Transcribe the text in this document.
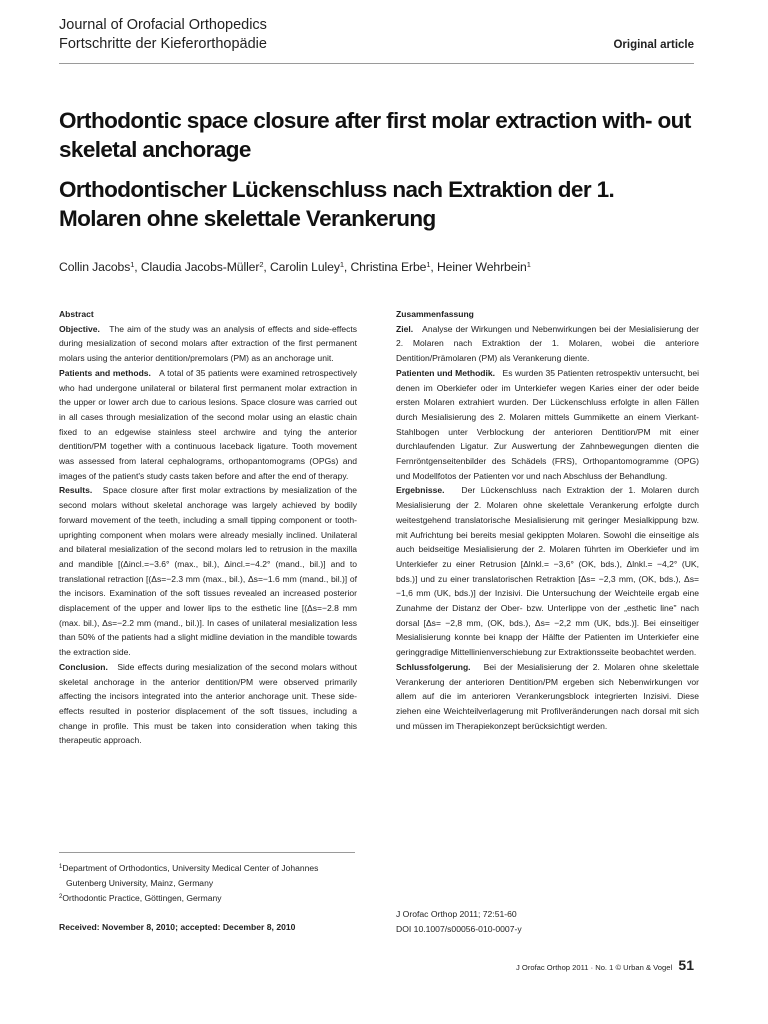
Journal of Orofacial Orthopedics
Fortschritte der Kieferorthopädie	Original article
Orthodontic space closure after first molar extraction with- out skeletal anchorage
Orthodontischer Lückenschluss nach Extraktion der 1. Molaren ohne skelettale Verankerung
Collin Jacobs$^1$, Claudia Jacobs-Müller$^2$, Carolin Luley$^1$, Christina Erbe$^1$, Heiner Wehrbein$^1$

Abstract

Objective. The aim of the study was an analysis of effects and side-effects during mesialization of second molars after extraction of the first permanent molars using the anterior dentition/premolars (PM) as an anchorage unit.

Patients and methods. A total of 35 patients were examined retrospectively who had undergone unilateral or bilateral first permanent molar extraction in the upper or lower arch due to carious lesions. Space closure was carried out in all cases through mesialization of the second molar using an elastic chain fixed to an edgewise stainless steel archwire and tying the anterior dentition/PM together with a continuous laceback ligature. Tooth movement was assessed from lateral cephalograms, orthopantomograms (OPGs) and images of the patient's study casts taken before and after the end of therapy.

Results. Space closure after first molar extractions by mesialization of the second molars without skeletal anchorage was largely achieved by bodily forward movement of the teeth, including a small tipping component or tooth-uprighting component when molars were already mesially inclined. Unilateral and bilateral mesialization of the second molars led to retrusion in the maxilla and mandible [(Δincl.=−3.6° (max., bil.), Δincl.=−4.2° (mand., bil.)] and to translational retraction [(Δs=−2.3 mm (max., bil.), Δs=−1.6 mm (mand., bil.)] of the incisors. Examination of the soft tissues revealed an increased posterior displacement of the upper and lower lips to the esthetic line [(Δs=−2.8 mm (max. bil.), Δs=−2.2 mm (mand., bil.)]. In cases of unilateral mesialization less than 50% of the patients had a slight midline deviation in the mandible towards the extraction side.

Conclusion. Side effects during mesialization of the second molars without skeletal anchorage in the anterior dentition/PM were observed primarily affecting the incisors integrated into the anterior anchorage unit. These side-effects resulted in posterior displacement of the soft tissues, including a change in profile. This must be taken into consideration when taking this therapeutic approach.

Zusammenfassung

Ziel. Analyse der Wirkungen und Nebenwirkungen bei der Mesialisierung der 2. Molaren nach Extraktion der 1. Molaren, wobei die anteriore Dentition/Prämolaren (PM) als Verankerung diente.

Patienten und Methodik. Es wurden 35 Patienten retrospektiv untersucht, bei denen im Oberkiefer oder im Unterkiefer wegen Karies einer der oder beide ersten Molaren extrahiert wurden. Der Lückenschluss erfolgte in allen Fällen durch Mesialisierung des 2. Molaren mittels Gummikette an einem Vierkant-Stahlbogen unter Verblockung der anterioren Dentition/PM mit einer durchlaufenden Ligatur. Zur Auswertung der Zahnbewegungen dienten die Fernröntgenseitenbilder des Schädels (FRS), Orthopantomogramme (OPG) und Modellfotos der Patienten vor und nach Abschluss der Behandlung.

Ergebnisse. Der Lückenschluss nach Extraktion der 1. Molaren durch Mesialisierung der 2. Molaren ohne skelettale Verankerung erfolgte durch weitestgehend translatorische Mesialisierung mit geringer Mesialkippung bzw. mit Aufrichtung bei bereits mesial gekippten Molaren. Sowohl die einseitige als auch beidseitige Mesialisierung der 2. Molaren führten im Oberkiefer und im Unterkiefer zu einer Retrusion [Δlnkl.= −3,6° (OK, bds.), Δlnkl.= −4,2° (UK, bds.)] und zu einer translatorischen Retraktion [Δs= −2,3 mm, (OK, bds.), Δs= −1,6 mm (UK, bds.)] der Inzisivi. Die Untersuchung der Weichteile ergab eine Zunahme der Distanz der Ober- bzw. Unterlippe von der „esthetic line" nach dorsal [Δs= −2,8 mm, (OK, bds.), Δs= −2,2 mm (UK, bds.)]. Bei einseitiger Mesialisierung konnte bei knapp der Hälfte der Patienten im Unterkiefer eine geringgradige Mittellinienverschiebung zur Extraktionsseite beobachtet werden.

Schlussfolgerung. Bei der Mesialisierung der 2. Molaren ohne skelettale Verankerung der anterioren Dentition/PM ergeben sich Nebenwirkungen vor allem auf die im anterioren Verankerungsblock integrierten Inzisivi. Diese ziehen eine Weichteilverlagerung mit Profilveränderungen nach dorsal mit sich und müssen im Therapiekonzept berücksichtigt werden.

$^1$Department of Orthodontics, University Medical Center of Johannes
Gutenberg University, Mainz, Germany
$^2$Orthodontic Practice, Göttingen, Germany
Received: November 8, 2010; accepted: December 8, 2010
J Orofac Orthop 2011; 72:51-60
DOI 10.1007/s00056-010-0007-y
J Orofac Orthop 2011 · No. 1 © Urban & Vogel 51
